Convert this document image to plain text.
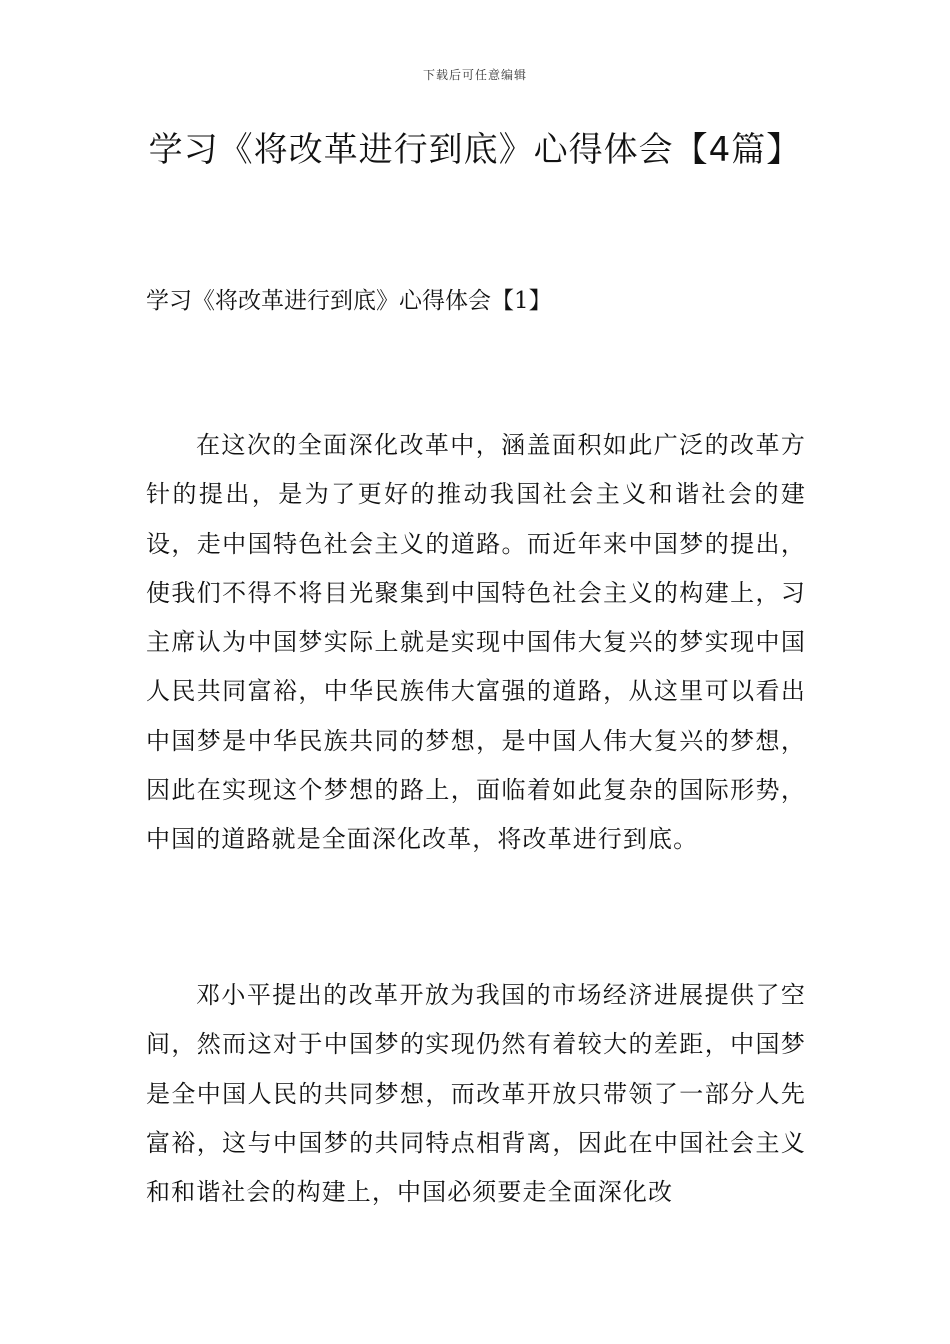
下载后可任意编辑
学习《将改革进行到底》心得体会【4篇】
学习《将改革进行到底》心得体会【1】

在这次的全面深化改革中，涵盖面积如此广泛的改革方针的提出，是为了更好的推动我国社会主义和谐社会的建设，走中国特色社会主义的道路。而近年来中国梦的提出，使我们不得不将目光聚集到中国特色社会主义的构建上，习主席认为中国梦实际上就是实现中国伟大复兴的梦实现中国人民共同富裕，中华民族伟大富强的道路，从这里可以看出中国梦是中华民族共同的梦想，是中国人伟大复兴的梦想，因此在实现这个梦想的路上，面临着如此复杂的国际形势，中国的道路就是全面深化改革，将改革进行到底。

邓小平提出的改革开放为我国的市场经济进展提供了空间，然而这对于中国梦的实现仍然有着较大的差距，中国梦是全中国人民的共同梦想，而改革开放只带领了一部分人先富裕，这与中国梦的共同特点相背离，因此在中国社会主义和和谐社会的构建上，中国必须要走全面深化改
